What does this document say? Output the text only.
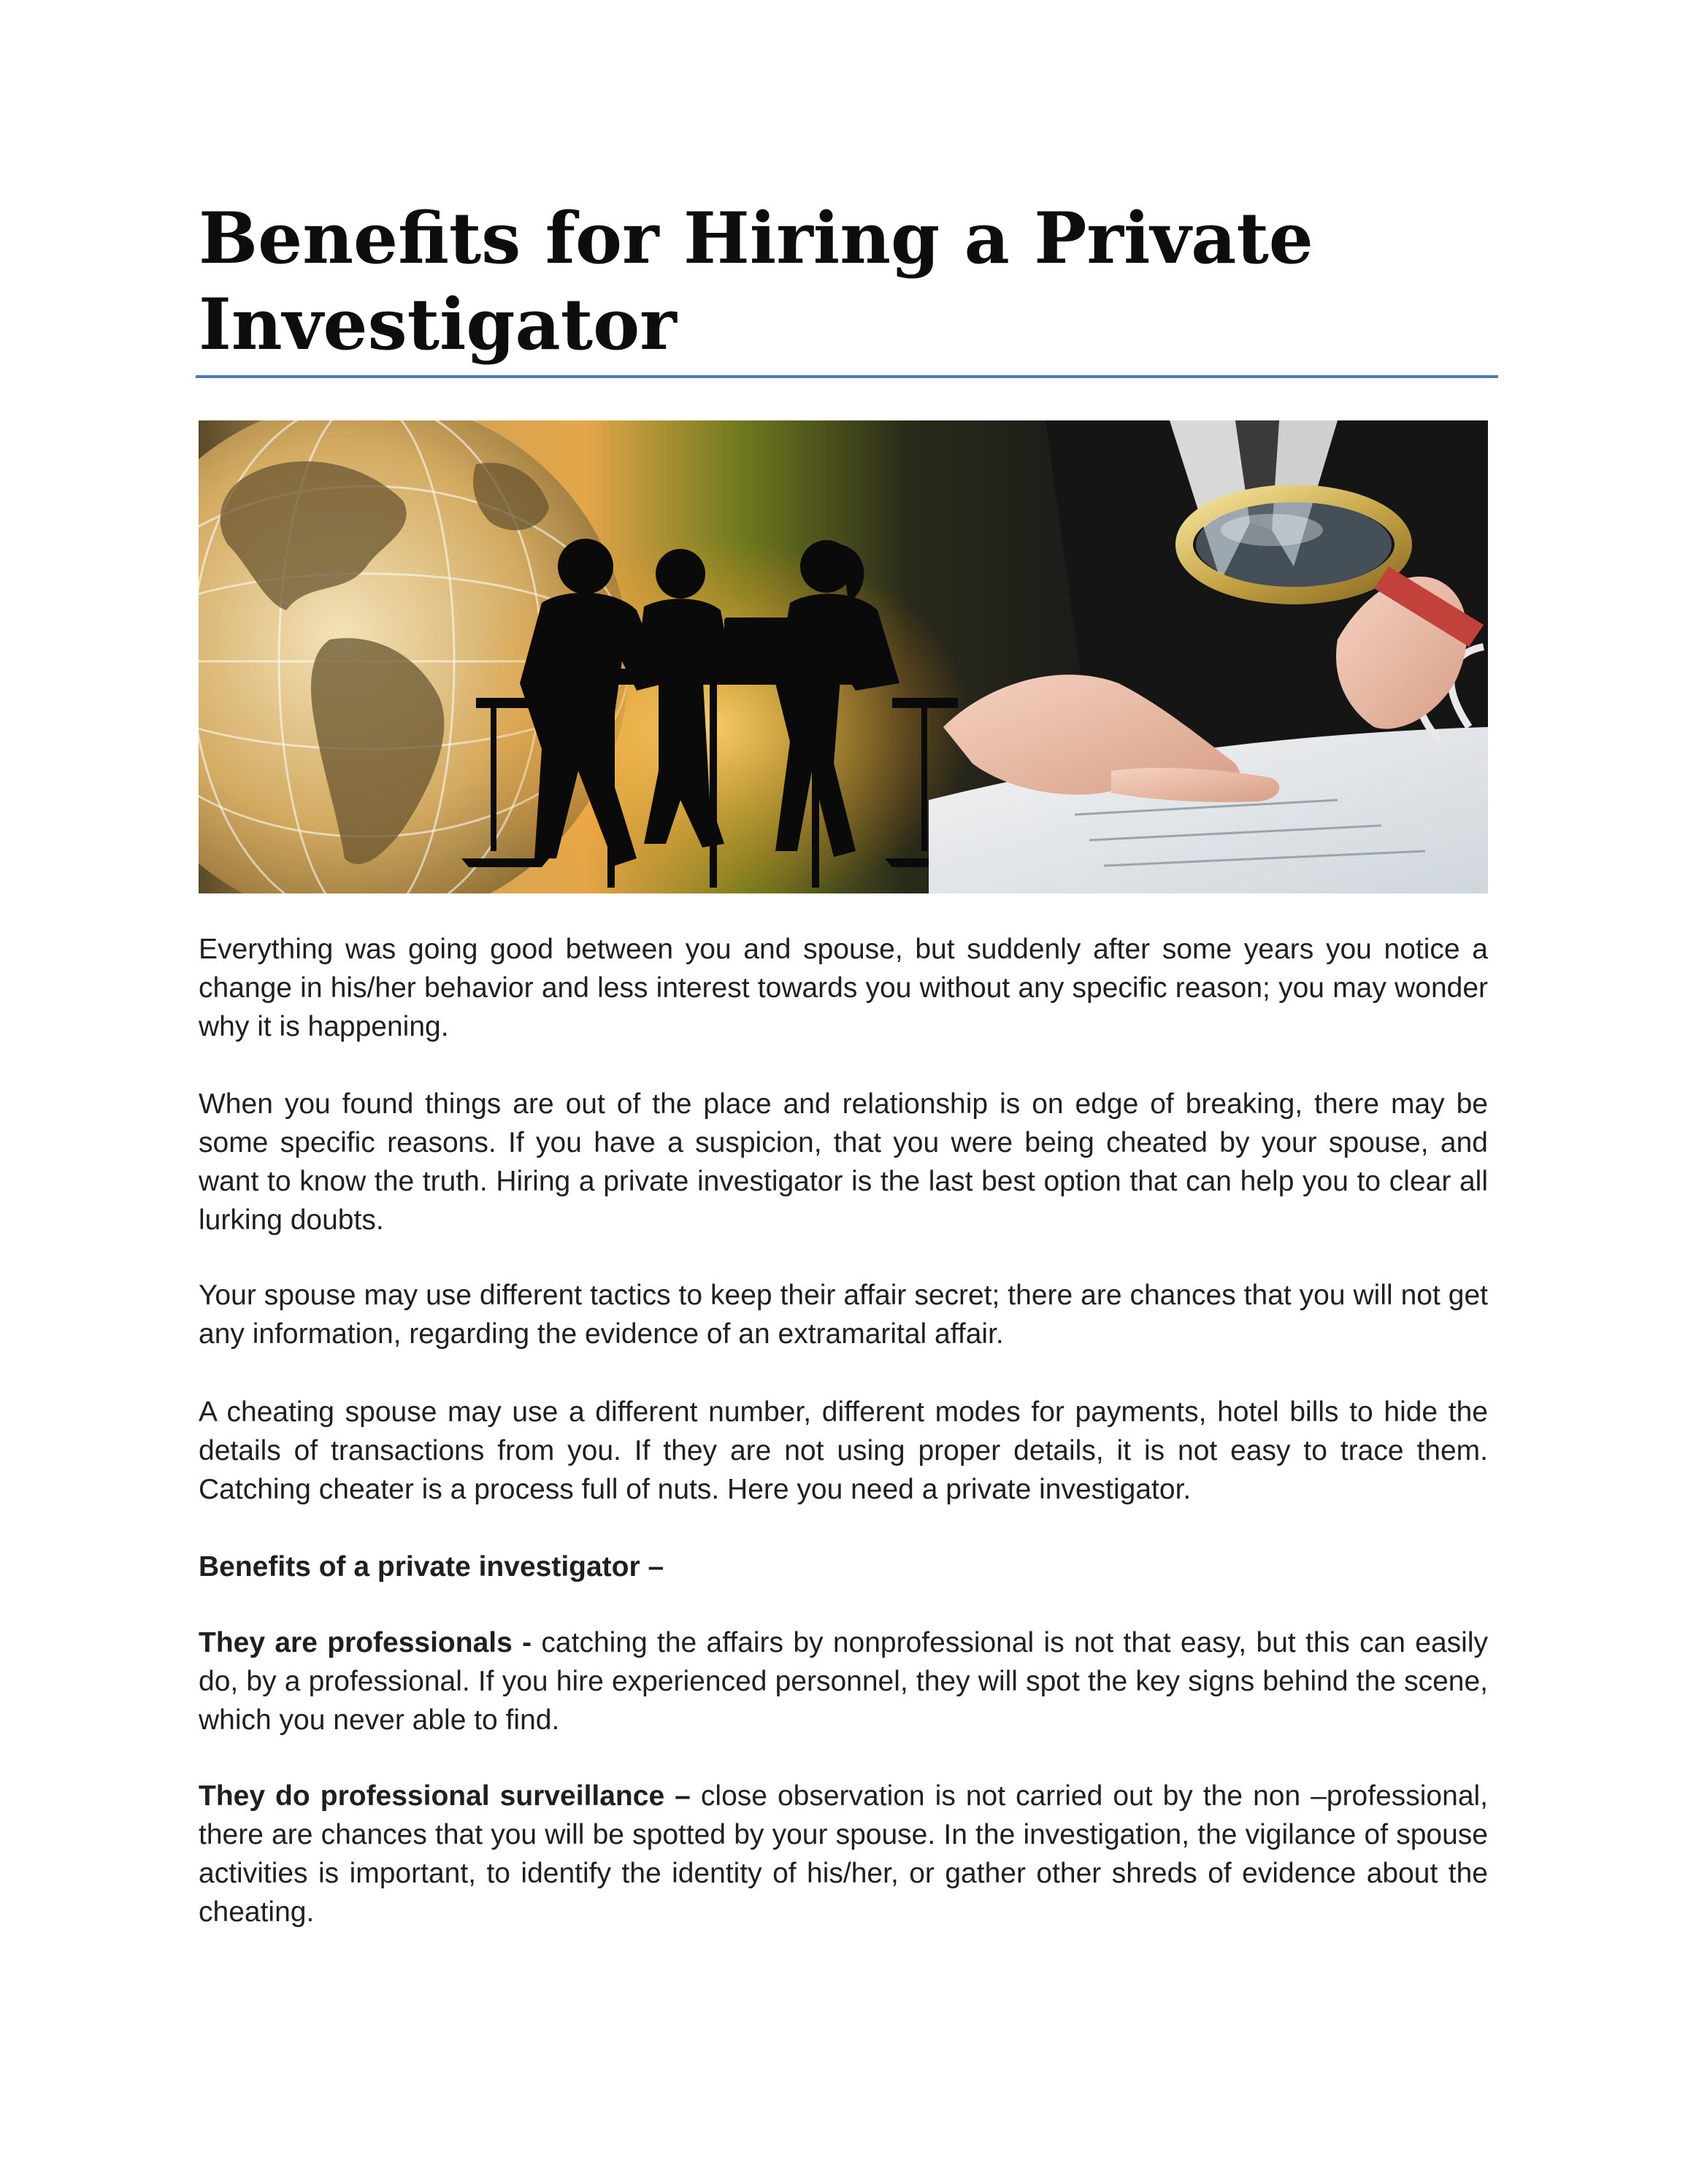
Benefits for Hiring a Private Investigator

Everything was going good between you and spouse, but suddenly after some years you notice a change in his/her behavior and less interest towards you without any specific reason; you may wonder why it is happening.

When you found things are out of the place and relationship is on edge of breaking, there may be some specific reasons. If you have a suspicion, that you were being cheated by your spouse, and want to know the truth. Hiring a private investigator is the last best option that can help you to clear all lurking doubts.

Your spouse may use different tactics to keep their affair secret; there are chances that you will not get any information, regarding the evidence of an extramarital affair.

A cheating spouse may use a different number, different modes for payments, hotel bills to hide the details of transactions from you. If they are not using proper details, it is not easy to trace them. Catching cheater is a process full of nuts. Here you need a private investigator.

Benefits of a private investigator –

They are professionals - catching the affairs by nonprofessional is not that easy, but this can easily do, by a professional. If you hire experienced personnel, they will spot the key signs behind the scene, which you never able to find.

They do professional surveillance – close observation is not carried out by the non –professional, there are chances that you will be spotted by your spouse. In the investigation, the vigilance of spouse activities is important, to identify the identity of his/her, or gather other shreds of evidence about the cheating.
